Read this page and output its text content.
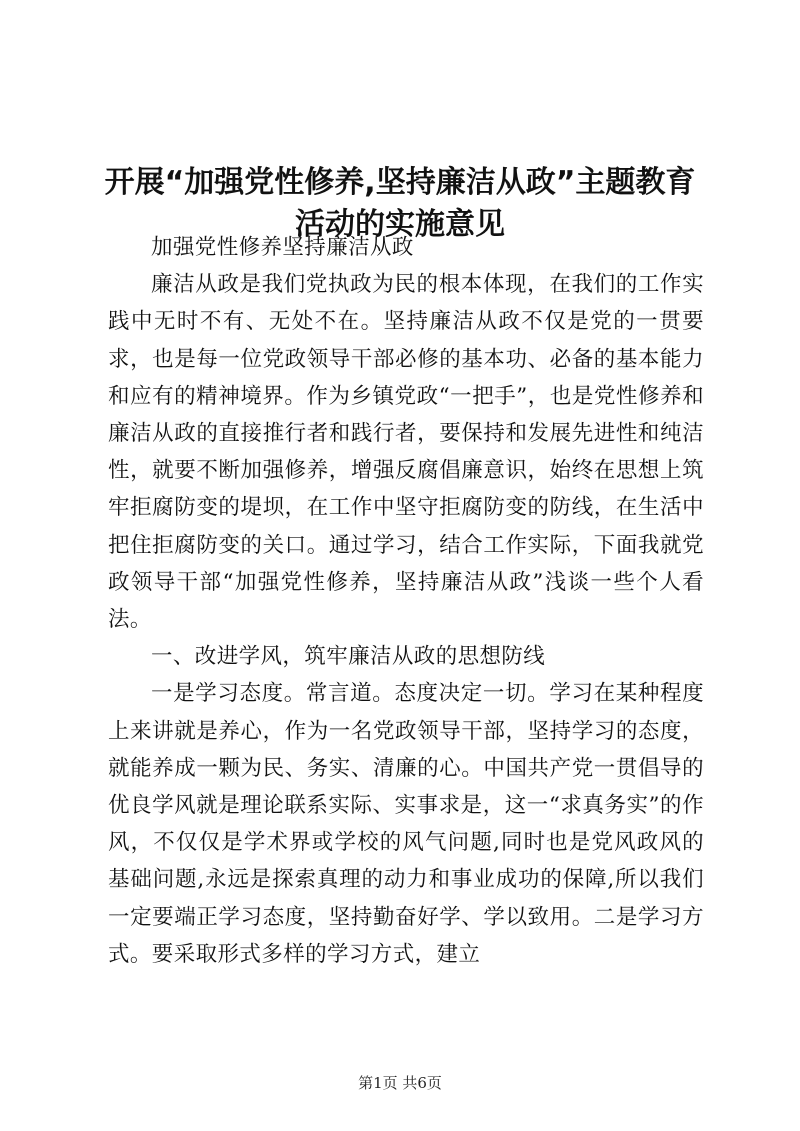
开展“加强党性修养,坚持廉洁从政”主题教育活动的实施意见

加强党性修养坚持廉洁从政

廉洁从政是我们党执政为民的根本体现，在我们的工作实践中无时不有、无处不在。坚持廉洁从政不仅是党的一贯要求，也是每一位党政领导干部必修的基本功、必备的基本能力和应有的精神境界。作为乡镇党政“一把手”，也是党性修养和廉洁从政的直接推行者和践行者，要保持和发展先进性和纯洁性，就要不断加强修养，增强反腐倡廉意识，始终在思想上筑牢拒腐防变的堤坝，在工作中坚守拒腐防变的防线，在生活中把住拒腐防变的关口。通过学习，结合工作实际，下面我就党政领导干部“加强党性修养，坚持廉洁从政”浅谈一些个人看法。

一、改进学风，筑牢廉洁从政的思想防线

一是学习态度。常言道。态度决定一切。学习在某种程度上来讲就是养心，作为一名党政领导干部，坚持学习的态度，就能养成一颗为民、务实、清廉的心。中国共产党一贯倡导的优良学风就是理论联系实际、实事求是，这一“求真务实”的作风，不仅仅是学术界或学校的风气问题,同时也是党风政风的基础问题,永远是探索真理的动力和事业成功的保障,所以我们一定要端正学习态度，坚持勤奋好学、学以致用。二是学习方式。要采取形式多样的学习方式，建立

第1页 共6页
